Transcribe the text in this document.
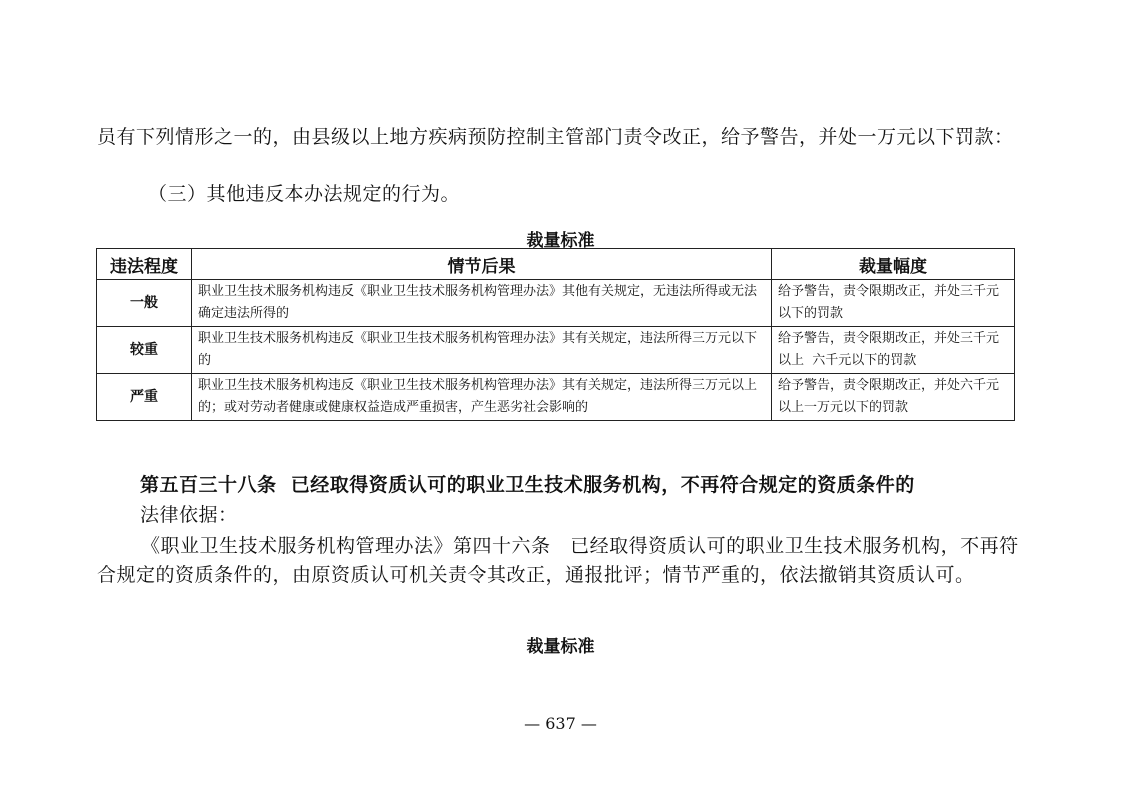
员有下列情形之一的，由县级以上地方疾病预防控制主管部门责令改正，给予警告，并处一万元以下罚款：
（三）其他违反本办法规定的行为。
裁量标准
违法程度	情节后果	裁量幅度
一般	职业卫生技术服务机构违反《职业卫生技术服务机构管理办法》其他有关规定，无违法所得或无法确定违法所得的	给予警告，责令限期改正，并处三千元以下的罚款
较重	职业卫生技术服务机构违反《职业卫生技术服务机构管理办法》其有关规定，违法所得三万元以下的	给予警告，责令限期改正，并处三千元以上  六千元以下的罚款
严重	职业卫生技术服务机构违反《职业卫生技术服务机构管理办法》其有关规定，违法所得三万元以上的；或对劳动者健康或健康权益造成严重损害，产生恶劣社会影响的	给予警告，责令限期改正，并处六千元以上一万元以下的罚款
第五百三十八条  已经取得资质认可的职业卫生技术服务机构，不再符合规定的资质条件的
法律依据：
《职业卫生技术服务机构管理办法》第四十六条   已经取得资质认可的职业卫生技术服务机构，不再符合规定的资质条件的，由原资质认可机关责令其改正，通报批评；情节严重的，依法撤销其资质认可。
裁量标准
— 637 —
